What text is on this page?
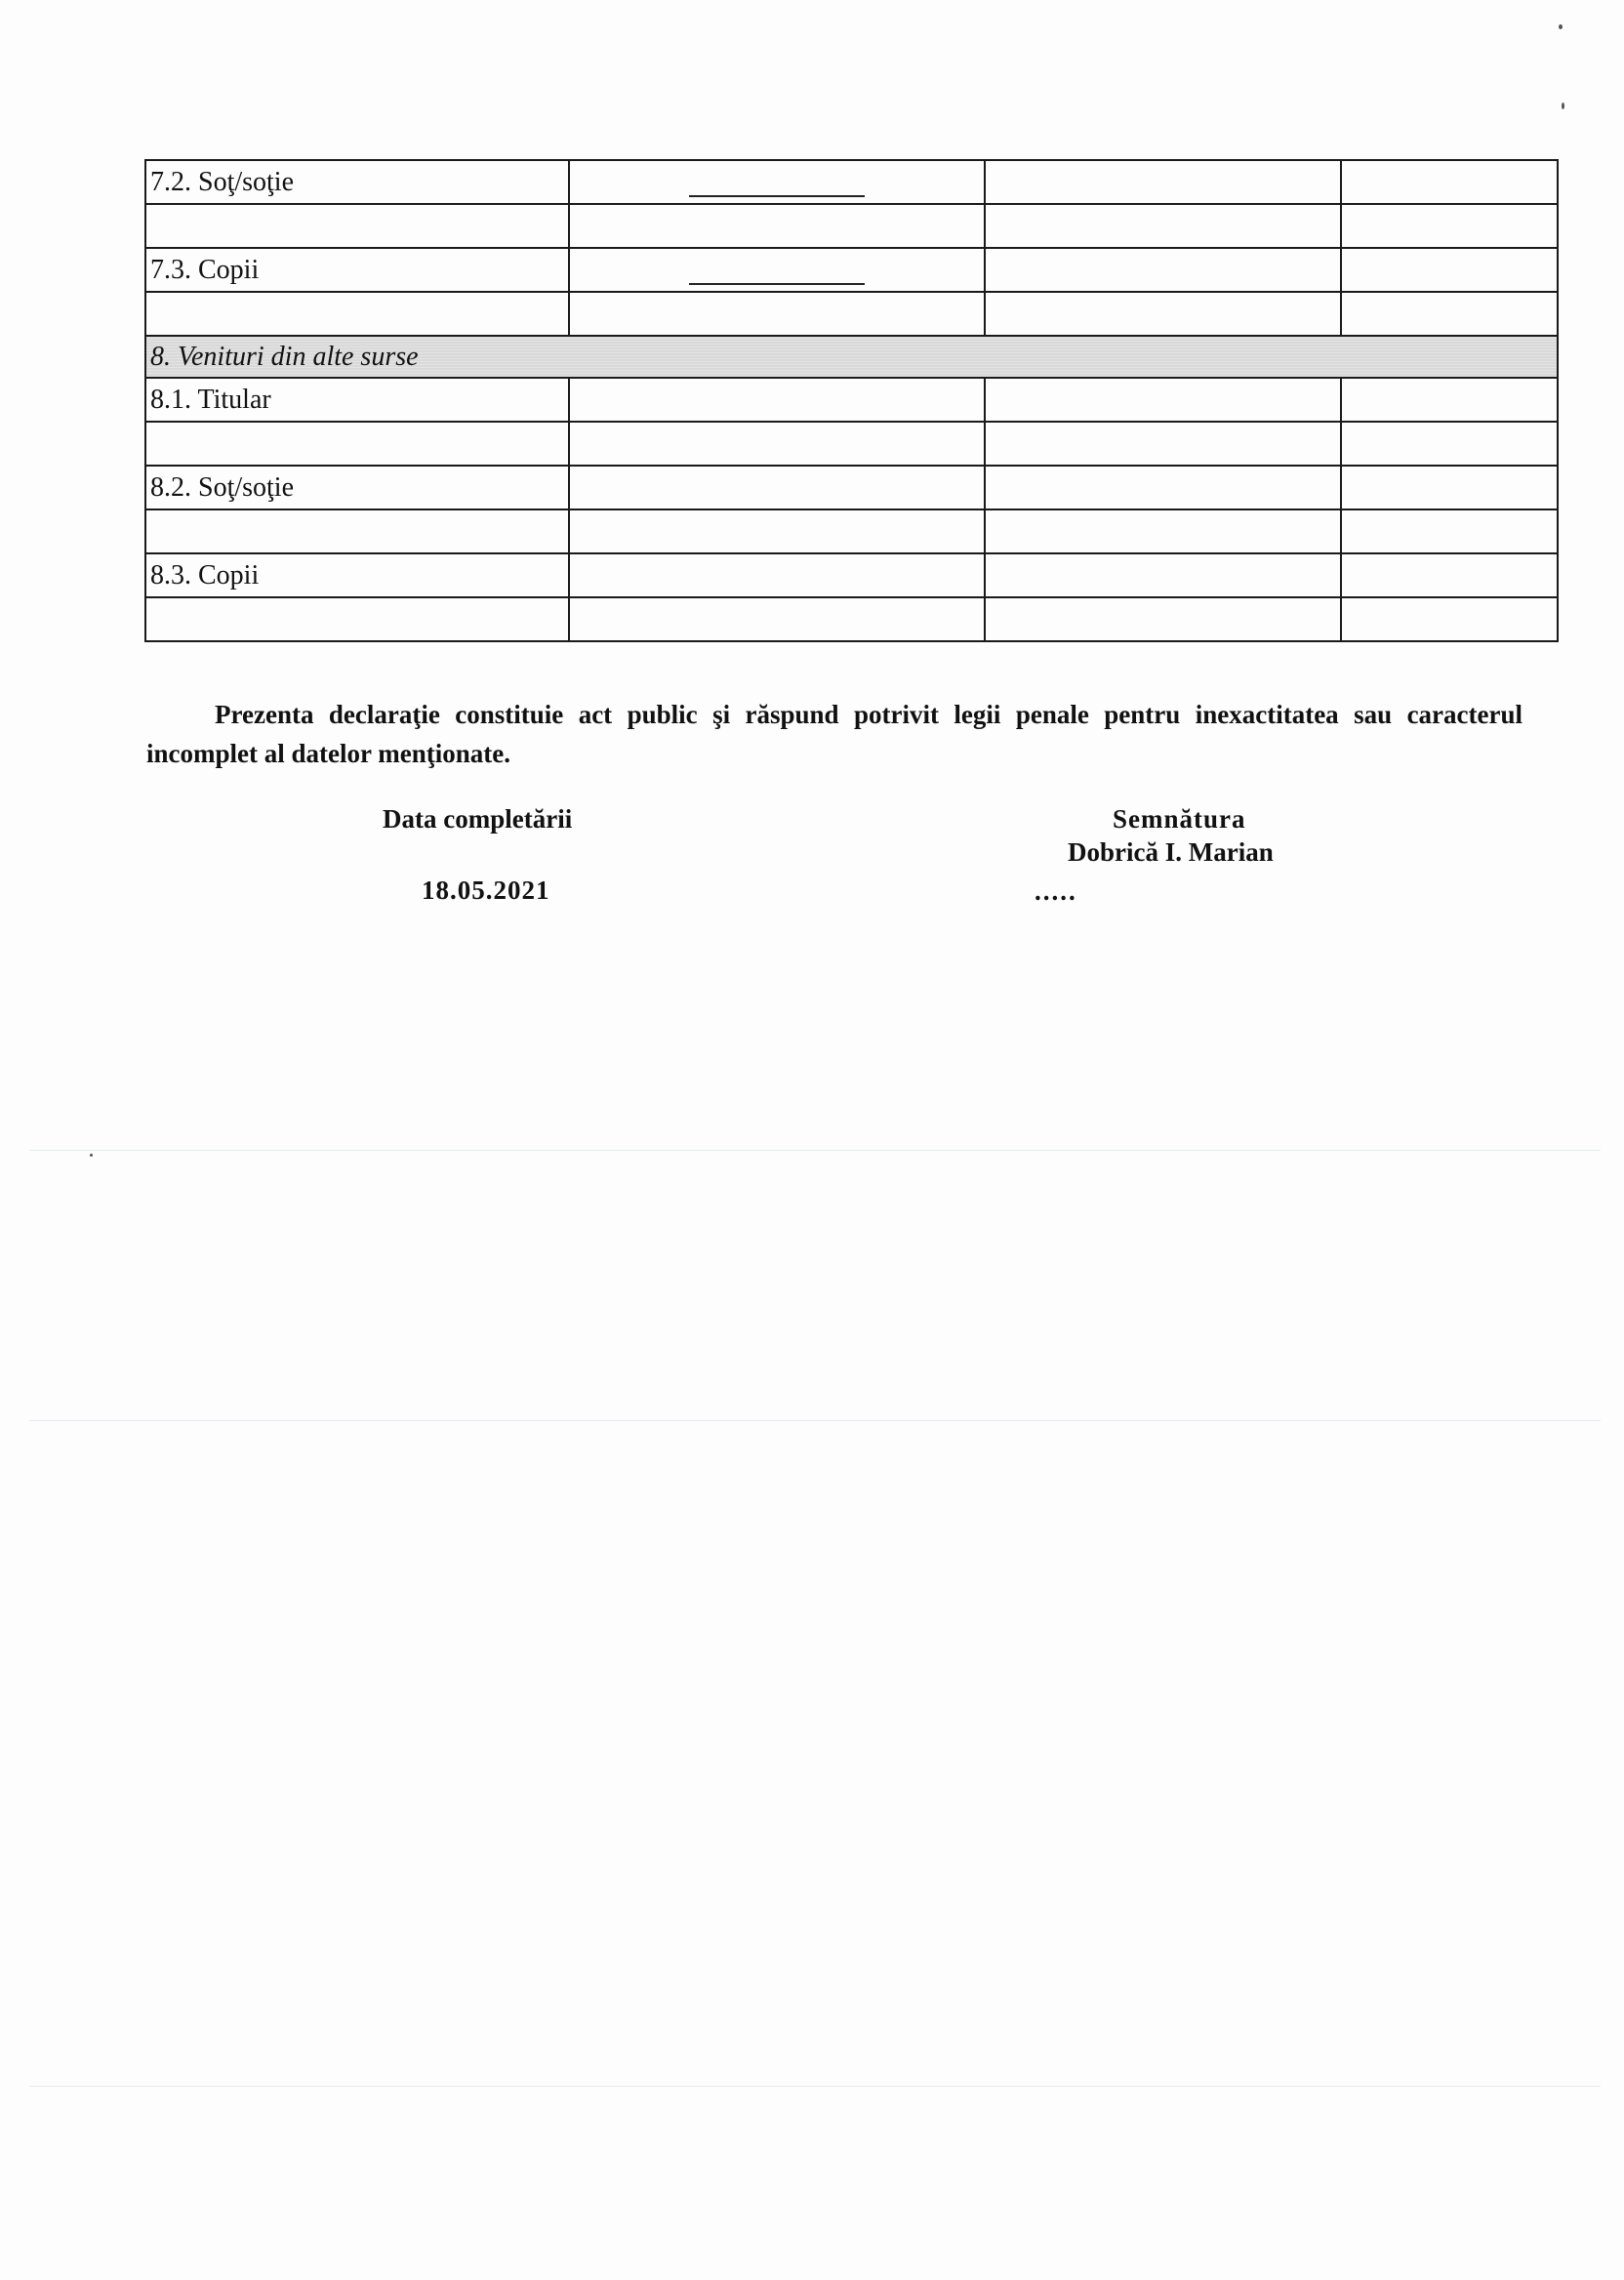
7.2. Soţ/soţie	

7.3. Copii	

8. Venituri din alte surse			
8.1. Titular			

8.2. Soţ/soţie			

8.3. Copii			

Prezenta declaraţie constituie act public şi răspund potrivit legii penale pentru inexactitatea sau caracterul incomplet al datelor menţionate.
Data completării
18.05.2021
Semnătura
Dobrică I. Marian
.....
